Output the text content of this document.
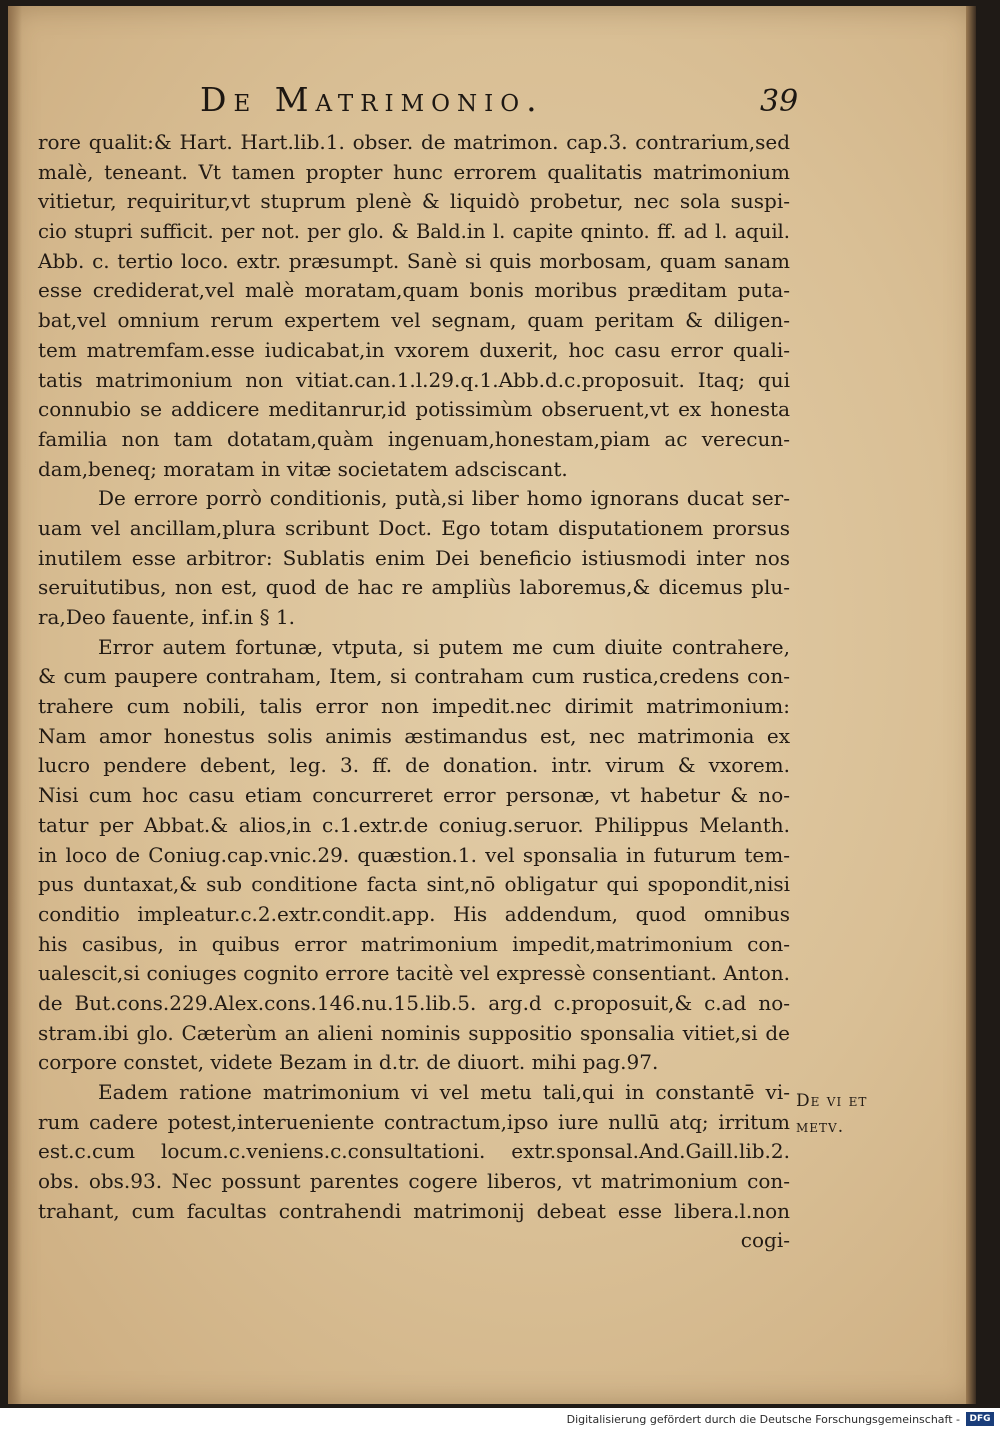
De Matrimonio.	39
rore qualit:& Hart. Hart.lib.1. obser. de matrimon. cap.3. contrarium,sed
malè, teneant. Vt tamen propter hunc errorem qualitatis matrimonium
vitietur, requiritur,vt stuprum plenè & liquidò probetur, nec sola suspi-
cio stupri sufficit. per not. per glo. & Bald.in l. capite qninto. ff. ad l. aquil.
Abb. c. tertio loco. extr. præsumpt. Sanè si quis morbosam, quam sanam
esse crediderat,vel malè moratam,quam bonis moribus præditam puta-
bat,vel omnium rerum expertem vel segnam, quam peritam & diligen-
tem matremfam.esse iudicabat,in vxorem duxerit, hoc casu error quali-
tatis matrimonium non vitiat.can.1.l.29.q.1.Abb.d.c.proposuit. Itaq; qui
connubio se addicere meditanrur,id potissimùm obseruent,vt ex honesta
familia non tam dotatam,quàm ingenuam,honestam,piam ac verecun-
dam,beneq; moratam in vitæ societatem adsciscant.
De errore porrò conditionis, putà,si liber homo ignorans ducat ser-
uam vel ancillam,plura scribunt Doct. Ego totam disputationem prorsus
inutilem esse arbitror: Sublatis enim Dei beneficio istiusmodi inter nos
seruitutibus, non est, quod de hac re ampliùs laboremus,& dicemus plu-
ra,Deo fauente, inf.in § 1.
Error autem fortunæ, vtputa, si putem me cum diuite contrahere,
& cum paupere contraham, Item, si contraham cum rustica,credens con-
trahere cum nobili, talis error non impedit.nec dirimit matrimonium:
Nam amor honestus solis animis æstimandus est, nec matrimonia ex
lucro pendere debent, leg. 3. ff. de donation. intr. virum & vxorem.
Nisi cum hoc casu etiam concurreret error personæ, vt habetur & no-
tatur per Abbat.& alios,in c.1.extr.de coniug.seruor. Philippus Melanth.
in loco de Coniug.cap.vnic.29. quæstion.1. vel sponsalia in futurum tem-
pus duntaxat,& sub conditione facta sint,nō obligatur qui spopondit,nisi
conditio impleatur.c.2.extr.condit.app. His addendum, quod omnibus
his casibus, in quibus error matrimonium impedit,matrimonium con-
ualescit,si coniuges cognito errore tacitè vel expressè consentiant. Anton.
de But.cons.229.Alex.cons.146.nu.15.lib.5. arg.d c.proposuit,& c.ad no-
stram.ibi glo. Cæterùm an alieni nominis suppositio sponsalia vitiet,si de
corpore constet, videte Bezam in d.tr. de diuort. mihi pag.97.
Eadem ratione matrimonium vi vel metu tali,qui in constantē vi-
rum cadere potest,interueniente contractum,ipso iure nullū atq; irritum
est.c.cum locum.c.veniens.c.consultationi. extr.sponsal.And.Gaill.lib.2.
obs. obs.93. Nec possunt parentes cogere liberos, vt matrimonium con-
trahant, cum facultas contrahendi matrimonij debeat esse libera.l.non
cogi-
De vi et
metv.
Digitalisierung gefördert durch die Deutsche Forschungsgemeinschaft -	DFG
